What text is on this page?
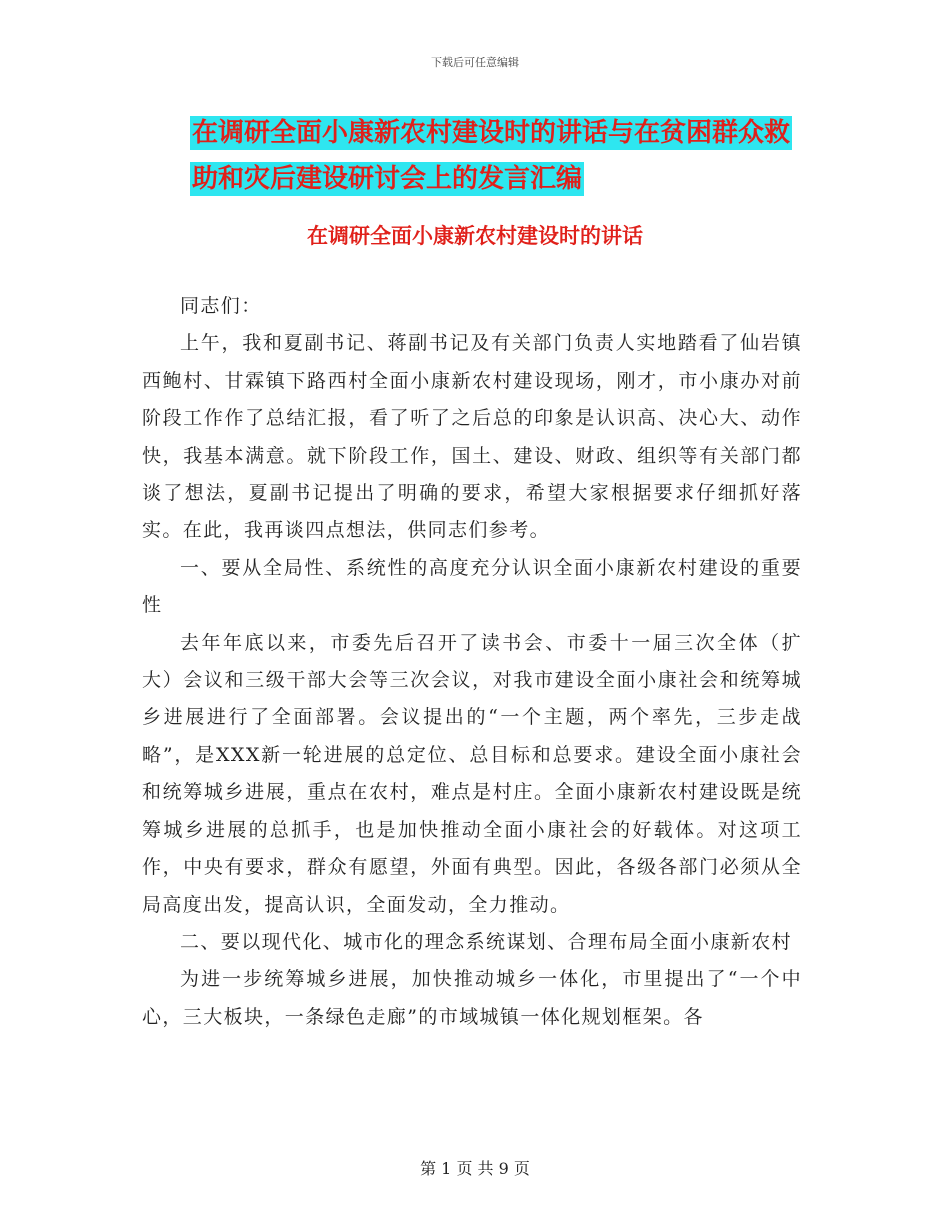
下载后可任意编辑
在调研全面小康新农村建设时的讲话与在贫困群众救
助和灾后建设研讨会上的发言汇编
在调研全面小康新农村建设时的讲话

同志们：

上午，我和夏副书记、蒋副书记及有关部门负责人实地踏看了仙岩镇西鲍村、甘霖镇下路西村全面小康新农村建设现场，刚才，市小康办对前阶段工作作了总结汇报，看了听了之后总的印象是认识高、决心大、动作快，我基本满意。就下阶段工作，国土、建设、财政、组织等有关部门都谈了想法，夏副书记提出了明确的要求，希望大家根据要求仔细抓好落实。在此，我再谈四点想法，供同志们参考。

一、要从全局性、系统性的高度充分认识全面小康新农村建设的重要性

去年年底以来，市委先后召开了读书会、市委十一届三次全体（扩大）会议和三级干部大会等三次会议，对我市建设全面小康社会和统筹城乡进展进行了全面部署。会议提出的“一个主题，两个率先，三步走战略”，是XXX新一轮进展的总定位、总目标和总要求。建设全面小康社会和统筹城乡进展，重点在农村，难点是村庄。全面小康新农村建设既是统筹城乡进展的总抓手，也是加快推动全面小康社会的好载体。对这项工作，中央有要求，群众有愿望，外面有典型。因此，各级各部门必须从全局高度出发，提高认识，全面发动，全力推动。

二、要以现代化、城市化的理念系统谋划、合理布局全面小康新农村

为进一步统筹城乡进展，加快推动城乡一体化，市里提出了“一个中心，三大板块，一条绿色走廊”的市域城镇一体化规划框架。各

第 1 页 共 9 页
